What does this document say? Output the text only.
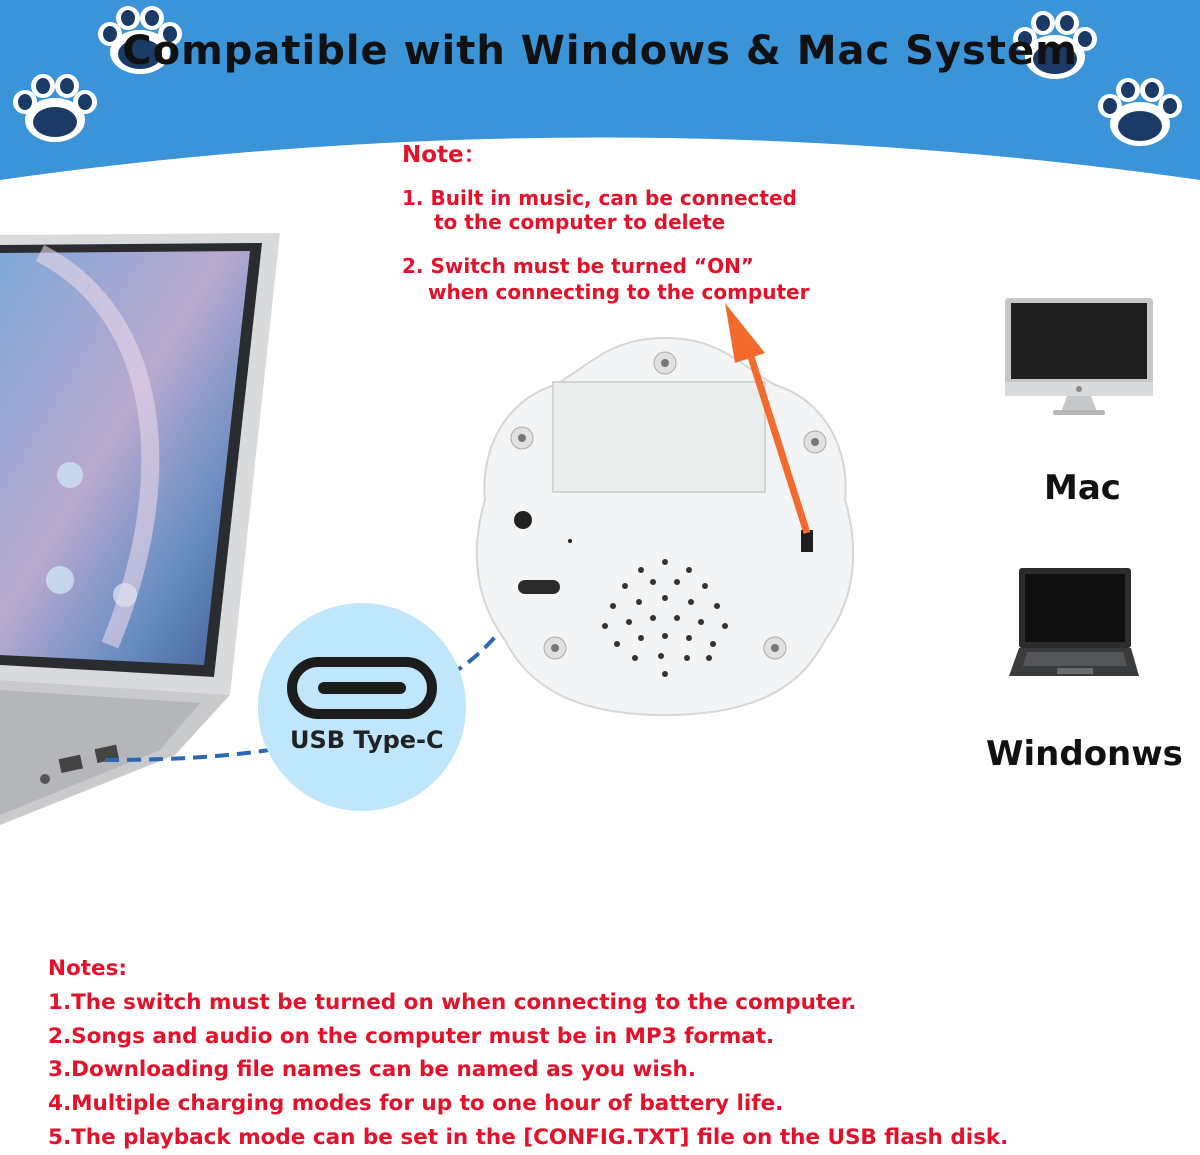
Compatible with Windows & Mac System
Note：
1. Built in music, can be connected
to the computer to delete
2. Switch must be turned “ON”
when connecting to the computer
USB Type-C
Mac
Windonws
Notes:
1.The switch must be turned on when connecting to the computer.
2.Songs and audio on the computer must be in MP3 format.
3.Downloading file names can be named as you wish.
4.Multiple charging modes for up to one hour of battery life.
5.The playback mode can be set in the [CONFIG.TXT] file on the USB flash disk.
